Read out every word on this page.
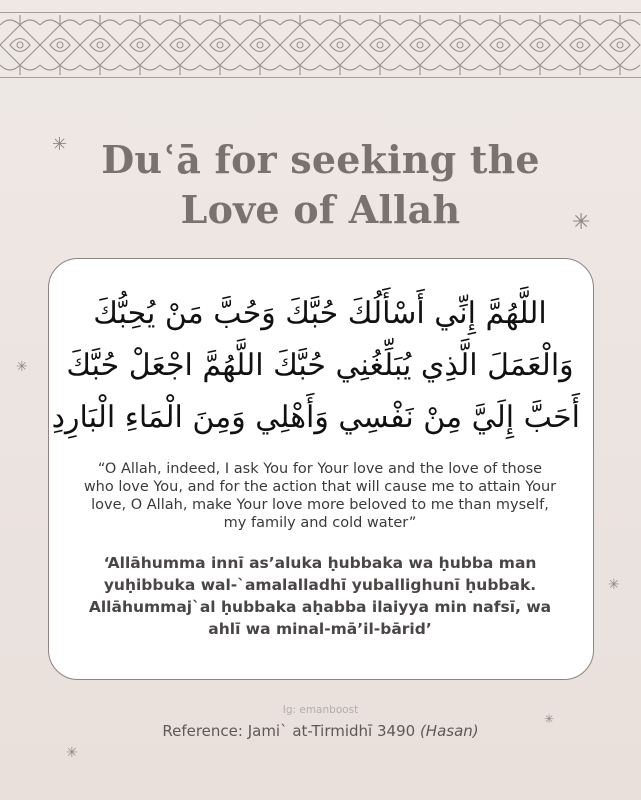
✳
✳
✳
✳
✳
✳
Duʿā for seeking the
Love of Allah
اللَّهُمَّ إِنِّي أَسْأَلُكَ حُبَّكَ وَحُبَّ مَنْ يُحِبُّكَ
وَالْعَمَلَ الَّذِي يُبَلِّغُنِي حُبَّكَ اللَّهُمَّ اجْعَلْ حُبَّكَ
أَحَبَّ إِلَيَّ مِنْ نَفْسِي وَأَهْلِي وَمِنَ الْمَاءِ الْبَارِدِ
“O Allah, indeed, I ask You for Your love and the love of those
who love You, and for the action that will cause me to attain Your
love, O Allah, make Your love more beloved to me than myself,
my family and cold water”
‘Allāhumma innī as’aluka ḥubbaka wa ḥubba man
yuḥibbuka wal-`amalalladhī yuballighunī ḥubbak.
Allāhummaj`al ḥubbaka aḥabba ilaiyya min nafsī, wa
ahlī wa minal-mā’il-bārid’
Ig: emanboost
Reference: Jami` at-Tirmidhī 3490 (Hasan)
